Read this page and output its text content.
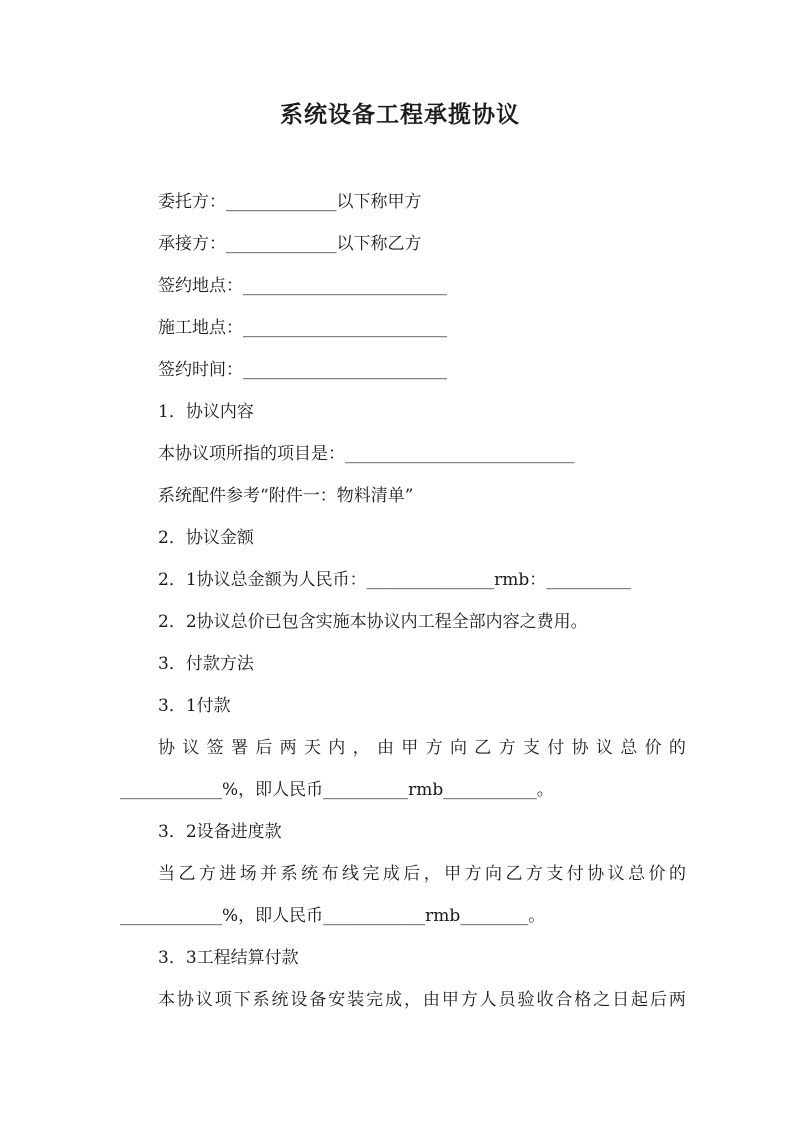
系统设备工程承揽协议
委托方：_____________以下称甲方
承接方：_____________以下称乙方
签约地点：________________________
施工地点：________________________
签约时间：________________________
1．协议内容
本协议项所指的项目是：___________________________
系统配件参考“附件一：物料清单”
2．协议金额
2．1协议总金额为人民币：_______________rmb：__________
2．2协议总价已包含实施本协议内工程全部内容之费用。
3．付款方法
3．1付款
协 议 签 署 后 两 天 内 ， 由 甲 方 向 乙 方 支 付 协 议 总 价 的
____________%，即人民币__________rmb___________。
3．2设备进度款
当 乙 方 进 场 并 系 统 布 线 完 成 后 ， 甲 方 向 乙 方 支 付 协 议 总 价 的
____________%，即人民币____________rmb________。
3．3工程结算付款
本 协 议 项 下 系 统 设 备 安 装 完 成 ， 由 甲 方 人 员 验 收 合 格 之 日 起 后 两
